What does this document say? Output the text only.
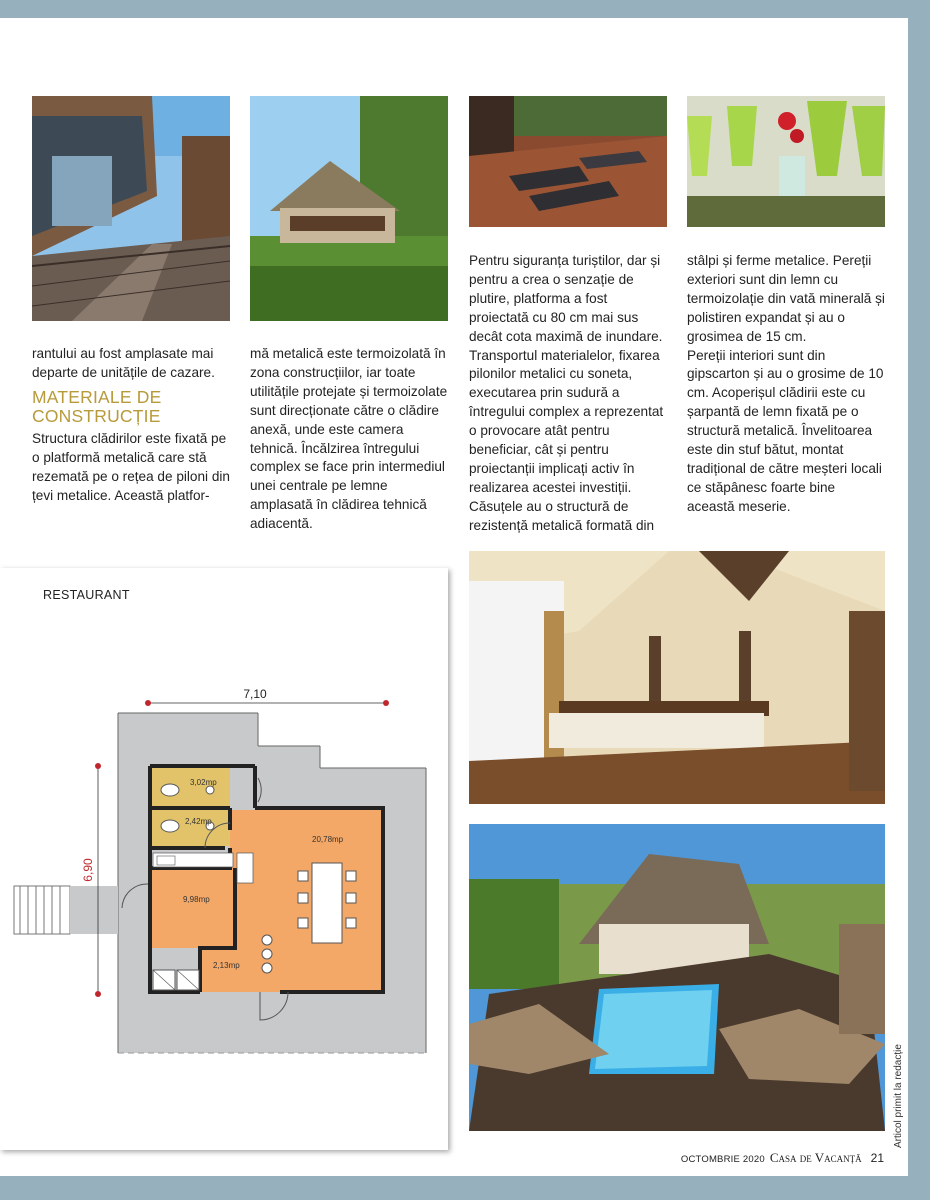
rantului au fost amplasate mai departe de unitățile de cazare.

MATERIALE DE CONSTRUCȚIE

Structura clădirilor este fixată pe o platformă metalică care stă rezemată pe o rețea de piloni din țevi metalice. Această platfor-

mă metalică este termoizolată în zona construcțiilor, iar toate utilitățile protejate și termoizolate sunt direcționate către o clădire anexă, unde este camera tehnică. Încălzirea întregului complex se face prin intermediul unei centrale pe lemne amplasată în clădirea tehnică adiacentă.

Pentru siguranța turiștilor, dar și pentru a crea o senzație de plutire, platforma a fost proiectată cu 80 cm mai sus decât cota maximă de inundare. Transportul materialelor, fixarea pilonilor metalici cu soneta, executarea prin sudură a întregului complex a reprezentat o provocare atât pentru beneficiar, cât și pentru proiectanții implicați activ în realizarea acestei investiții.

Căsuțele au o structură de rezistență metalică formată din

stâlpi și ferme metalice. Pereții exteriori sunt din lemn cu termoizolație din vată minerală și polistiren expandat și au o grosimea de 15 cm.

Pereții interiori sunt din gipscarton și au o grosime de 10 cm. Acoperișul clădirii este cu șarpantă de lemn fixată pe o structură metalică. Învelitoarea este din stuf bătut, montat tradițional de către meșteri locali ce stăpânesc foarte bine această meserie.

RESTAURANT
7,10
6,90
3,02mp
2,42mp
20,78mp
9,98mp
2,13mp
OCTOMBRIE 2020 Casa de Vacanță 21
Articol primit la redacție
